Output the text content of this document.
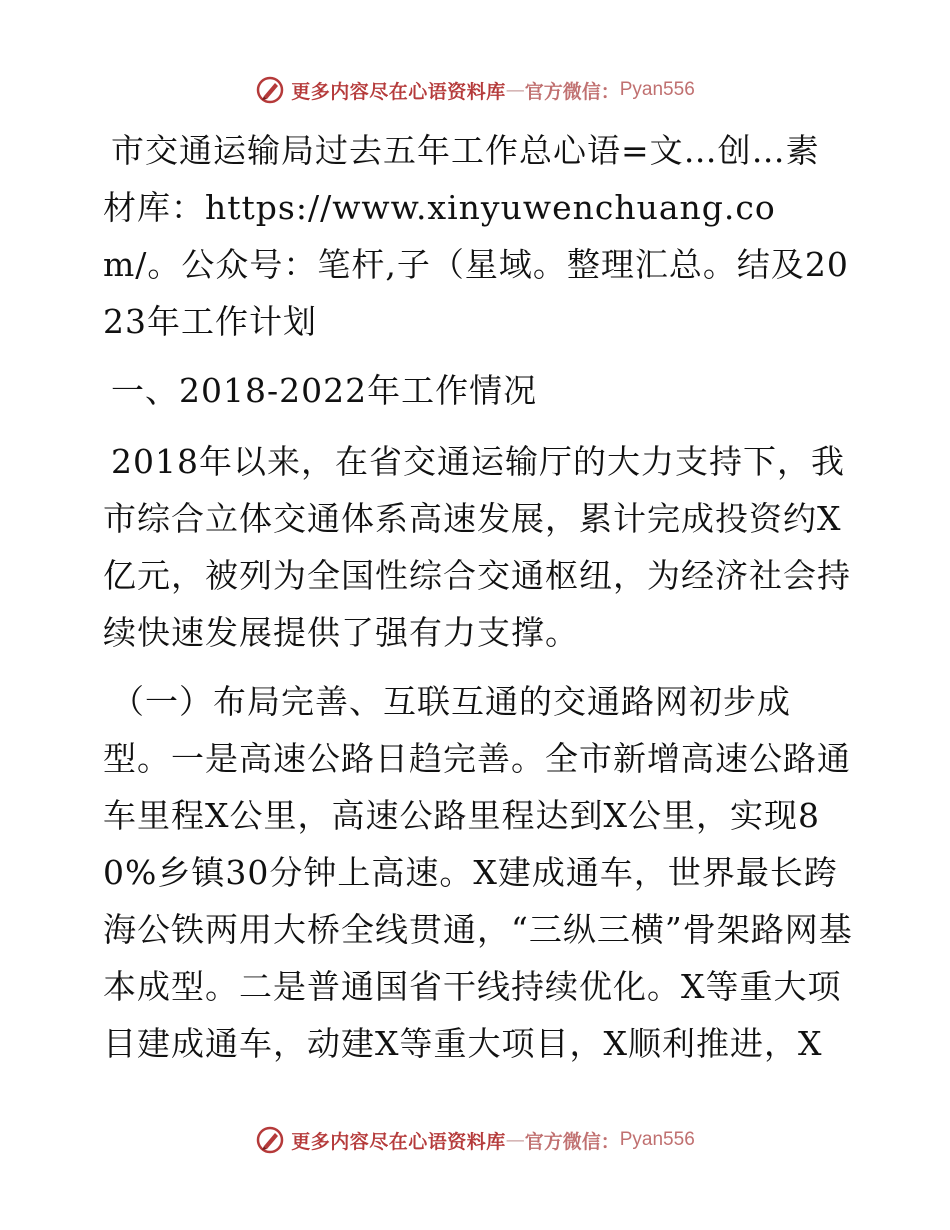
更多内容尽在心语资料库 — 官方微信： Pyan556

市交通运输局过去五年工作总心语=文…创…素材库：https://www.xinyuwenchuang.com/。公众号：笔杆,子（星域。整理汇总。结及2023年工作计划

一、2018-2022年工作情况

2018年以来，在省交通运输厅的大力支持下，我市综合立体交通体系高速发展，累计完成投资约X亿元，被列为全国性综合交通枢纽，为经济社会持续快速发展提供了强有力支撑。

（一）布局完善、互联互通的交通路网初步成型。一是高速公路日趋完善。全市新增高速公路通车里程X公里，高速公路里程达到X公里，实现80%乡镇30分钟上高速。X建成通车，世界最长跨海公铁两用大桥全线贯通，“三纵三横”骨架路网基本成型。二是普通国省干线持续优化。X等重大项目建成通车，动建X等重大项目，X顺利推进，X

更多内容尽在心语资料库 — 官方微信： Pyan556
